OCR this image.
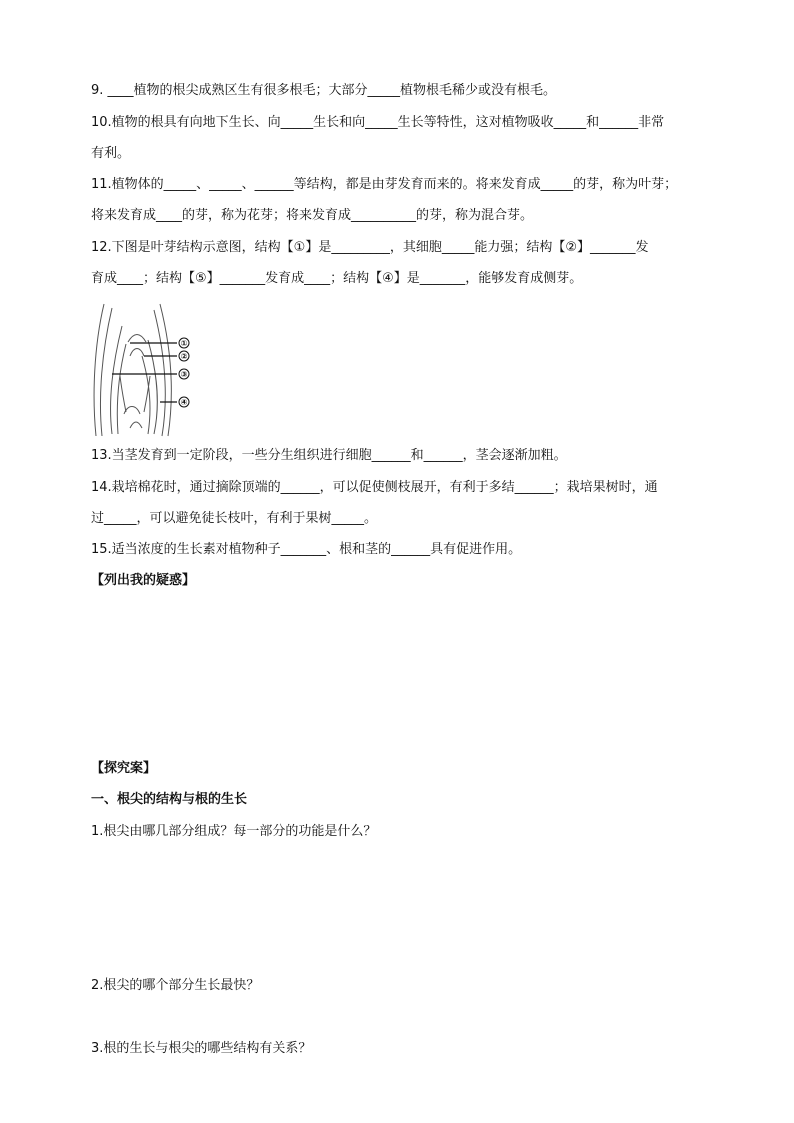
9. ____植物的根尖成熟区生有很多根毛；大部分_____植物根毛稀少或没有根毛。
10.植物的根具有向地下生长、向_____生长和向_____生长等特性，这对植物吸收_____和______非常
有利。
11.植物体的_____、_____、______等结构，都是由芽发育而来的。将来发育成_____的芽，称为叶芽；
将来发育成____的芽，称为花芽；将来发育成__________的芽，称为混合芽。
12.下图是叶芽结构示意图，结构【①】是_________，其细胞_____能力强；结构【②】_______发
育成____；结构【⑤】_______发育成____；结构【④】是_______，能够发育成侧芽。
①
②
③
④
13.当茎发育到一定阶段，一些分生组织进行细胞______和______，茎会逐渐加粗。
14.栽培棉花时，通过摘除顶端的______，可以促使侧枝展开，有利于多结______；栽培果树时，通
过_____，可以避免徒长枝叶，有利于果树_____。
15.适当浓度的生长素对植物种子_______、根和茎的______具有促进作用。
【列出我的疑惑】
【探究案】
一、根尖的结构与根的生长
1.根尖由哪几部分组成？每一部分的功能是什么？
2.根尖的哪个部分生长最快？
3.根的生长与根尖的哪些结构有关系？
